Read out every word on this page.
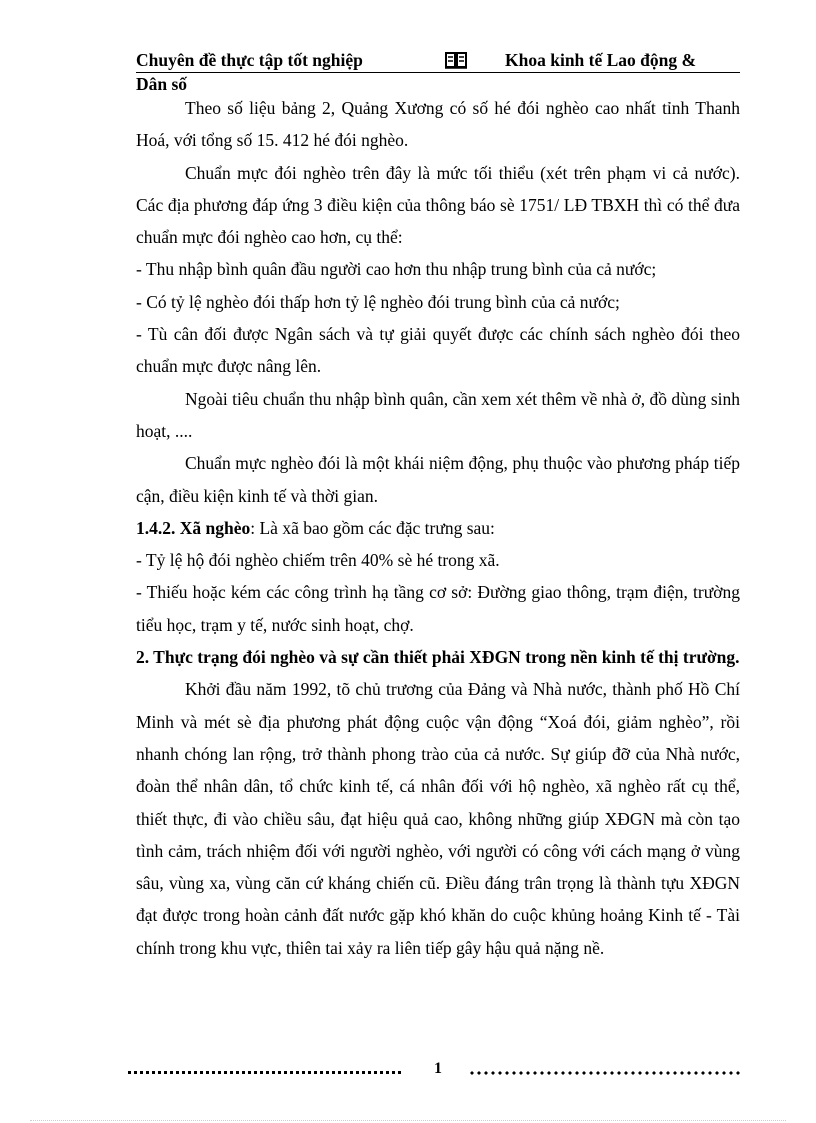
Chuyên đề thực tập tốt nghiệp	Khoa kinh tế Lao động &
Dân số

Theo số liệu bảng 2, Quảng Xương có số hé đói nghèo cao nhất tỉnh Thanh Hoá, với tổng số 15. 412 hé đói nghèo.

Chuẩn mực đói nghèo trên đây là mức tối thiểu (xét trên phạm vi cả nước). Các địa phương đáp ứng 3 điều kiện của thông báo sè 1751/ LĐ TBXH thì có thể đưa chuẩn mực đói nghèo cao hơn, cụ thể:

- Thu nhập bình quân đầu người cao hơn thu nhập trung bình của cả nước;

- Có tỷ lệ nghèo đói thấp hơn tỷ lệ nghèo đói trung bình của cả nước;

- Tù cân đối được Ngân sách và tự giải quyết được các chính sách nghèo đói theo chuẩn mực được nâng lên.

Ngoài tiêu chuẩn thu nhập bình quân, cần xem xét thêm về nhà ở, đồ dùng sinh hoạt, ....

Chuẩn mực nghèo đói là một khái niệm động, phụ thuộc vào phương pháp tiếp cận, điều kiện kinh tế và thời gian.

1.4.2. Xã nghèo: Là xã bao gồm các đặc trưng sau:

- Tỷ lệ hộ đói nghèo chiếm trên 40% sè hé trong xã.

- Thiếu hoặc kém các công trình hạ tầng cơ sở: Đường giao thông, trạm điện, trường tiểu học, trạm y tế, nước sinh hoạt, chợ.

2. Thực trạng đói nghèo và sự cần thiết phải XĐGN trong nền kinh tế thị trường.

Khởi đầu năm 1992, tõ chủ trương của Đảng và Nhà nước, thành phố Hồ Chí Minh và mét sè địa phương phát động cuộc vận động “Xoá đói, giảm nghèo”, rồi nhanh chóng lan rộng, trở thành phong trào của cả nước. Sự giúp đỡ của Nhà nước, đoàn thể nhân dân, tổ chức kinh tế, cá nhân đối với hộ nghèo, xã nghèo rất cụ thể, thiết thực, đi vào chiều sâu, đạt hiệu quả cao, không những giúp XĐGN mà còn tạo tình cảm, trách nhiệm đối với người nghèo, với người có công với cách mạng ở vùng sâu, vùng xa, vùng căn cứ kháng chiến cũ. Điều đáng trân trọng là thành tựu XĐGN đạt được trong hoàn cảnh đất nước gặp khó khăn do cuộc khủng hoảng Kinh tế - Tài chính trong khu vực, thiên tai xảy ra liên tiếp gây hậu quả nặng nề.

1
